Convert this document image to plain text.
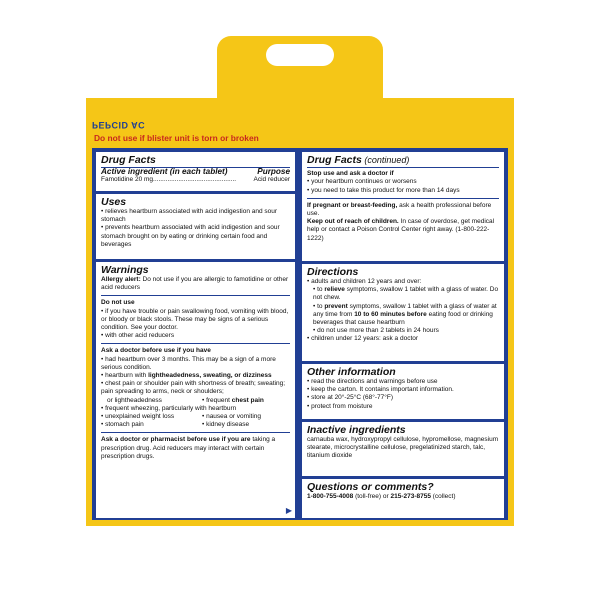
PEPCID AC
Do not use if blister unit is torn or broken
Drug Facts
Active ingredient (in each tablet)	Purpose
Famotidine 20 mg ..............................................	Acid reducer
Uses
• relieves heartburn associated with acid indigestion and sour stomach
• prevents heartburn associated with acid indigestion and sour stomach brought on by eating or drinking certain food and beverages
Warnings
Allergy alert: Do not use if you are allergic to famotidine or other acid reducers
Do not use
• if you have trouble or pain swallowing food, vomiting with blood, or bloody or black stools. These may be signs of a serious condition. See your doctor.
• with other acid reducers
Ask a doctor before use if you have
• had heartburn over 3 months. This may be a sign of a more serious condition.
• heartburn with lightheadedness, sweating, or dizziness
• chest pain or shoulder pain with shortness of breath; sweating; pain spreading to arms, neck or shoulders;
or lightheadedness	• frequent chest pain
• frequent wheezing, particularly with heartburn
• unexplained weight loss	• nausea or vomiting
• stomach pain	• kidney disease
Ask a doctor or pharmacist before use if you are taking a prescription drug. Acid reducers may interact with certain prescription drugs.
▶
Drug Facts (continued)
Stop use and ask a doctor if
• your heartburn continues or worsens
• you need to take this product for more than 14 days
If pregnant or breast-feeding, ask a health professional before use.
Keep out of reach of children. In case of overdose, get medical help or contact a Poison Control Center right away. (1-800-222-1222)
Directions
• adults and children 12 years and over:
• to relieve symptoms, swallow 1 tablet with a glass of water. Do not chew.
• to prevent symptoms, swallow 1 tablet with a glass of water at any time from 10 to 60 minutes before eating food or drinking beverages that cause heartburn
• do not use more than 2 tablets in 24 hours
• children under 12 years: ask a doctor
Other information
• read the directions and warnings before use
• keep the carton. It contains important information.
• store at 20°-25°C (68°-77°F)
• protect from moisture
Inactive ingredients
carnauba wax, hydroxypropyl cellulose, hypromellose, magnesium stearate, microcrystalline cellulose, pregelatinized starch, talc, titanium dioxide
Questions or comments?
1-800-755-4008 (toll-free) or 215-273-8755 (collect)
